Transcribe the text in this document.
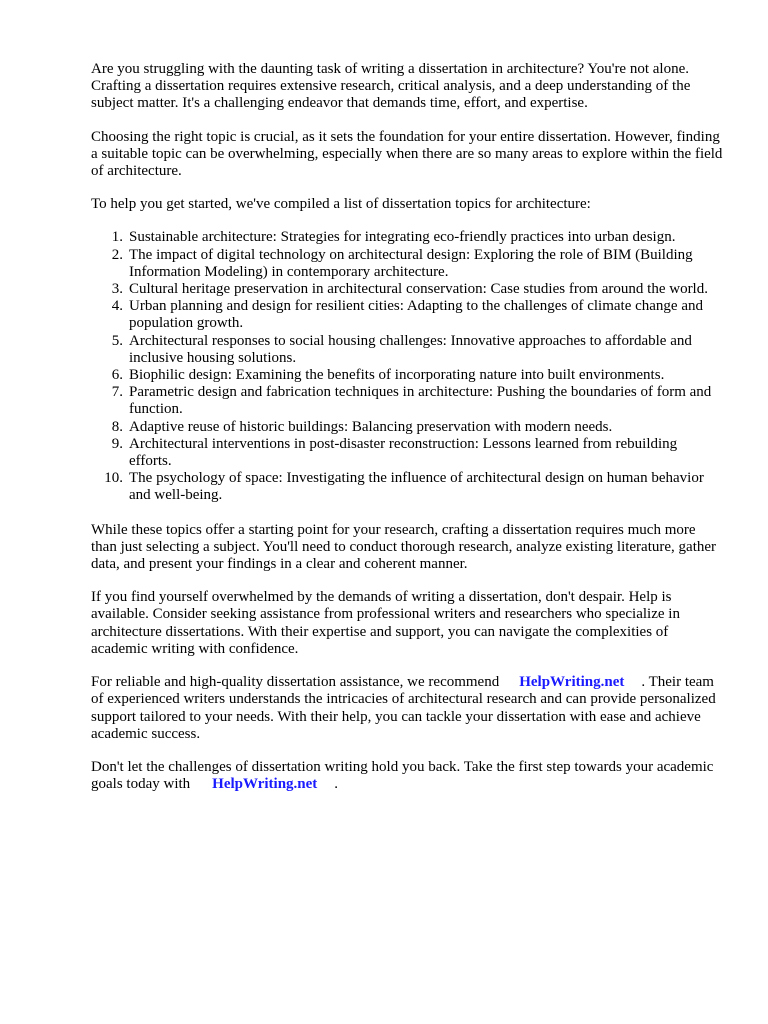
Are you struggling with the daunting task of writing a dissertation in architecture? You're not alone. Crafting a dissertation requires extensive research, critical analysis, and a deep understanding of the subject matter. It's a challenging endeavor that demands time, effort, and expertise.

Choosing the right topic is crucial, as it sets the foundation for your entire dissertation. However, finding a suitable topic can be overwhelming, especially when there are so many areas to explore within the field of architecture.

To help you get started, we've compiled a list of dissertation topics for architecture:

1. Sustainable architecture: Strategies for integrating eco-friendly practices into urban design.
2. The impact of digital technology on architectural design: Exploring the role of BIM (Building Information Modeling) in contemporary architecture.
3. Cultural heritage preservation in architectural conservation: Case studies from around the world.
4. Urban planning and design for resilient cities: Adapting to the challenges of climate change and population growth.
5. Architectural responses to social housing challenges: Innovative approaches to affordable and inclusive housing solutions.
6. Biophilic design: Examining the benefits of incorporating nature into built environments.
7. Parametric design and fabrication techniques in architecture: Pushing the boundaries of form and function.
8. Adaptive reuse of historic buildings: Balancing preservation with modern needs.
9. Architectural interventions in post-disaster reconstruction: Lessons learned from rebuilding efforts.
10. The psychology of space: Investigating the influence of architectural design on human behavior and well-being.

While these topics offer a starting point for your research, crafting a dissertation requires much more than just selecting a subject. You'll need to conduct thorough research, analyze existing literature, gather data, and present your findings in a clear and coherent manner.

If you find yourself overwhelmed by the demands of writing a dissertation, don't despair. Help is available. Consider seeking assistance from professional writers and researchers who specialize in architecture dissertations. With their expertise and support, you can navigate the complexities of academic writing with confidence.

For reliable and high-quality dissertation assistance, we recommend HelpWriting.net . Their team of experienced writers understands the intricacies of architectural research and can provide personalized support tailored to your needs. With their help, you can tackle your dissertation with ease and achieve academic success.

Don't let the challenges of dissertation writing hold you back. Take the first step towards your academic goals today with HelpWriting.net .
